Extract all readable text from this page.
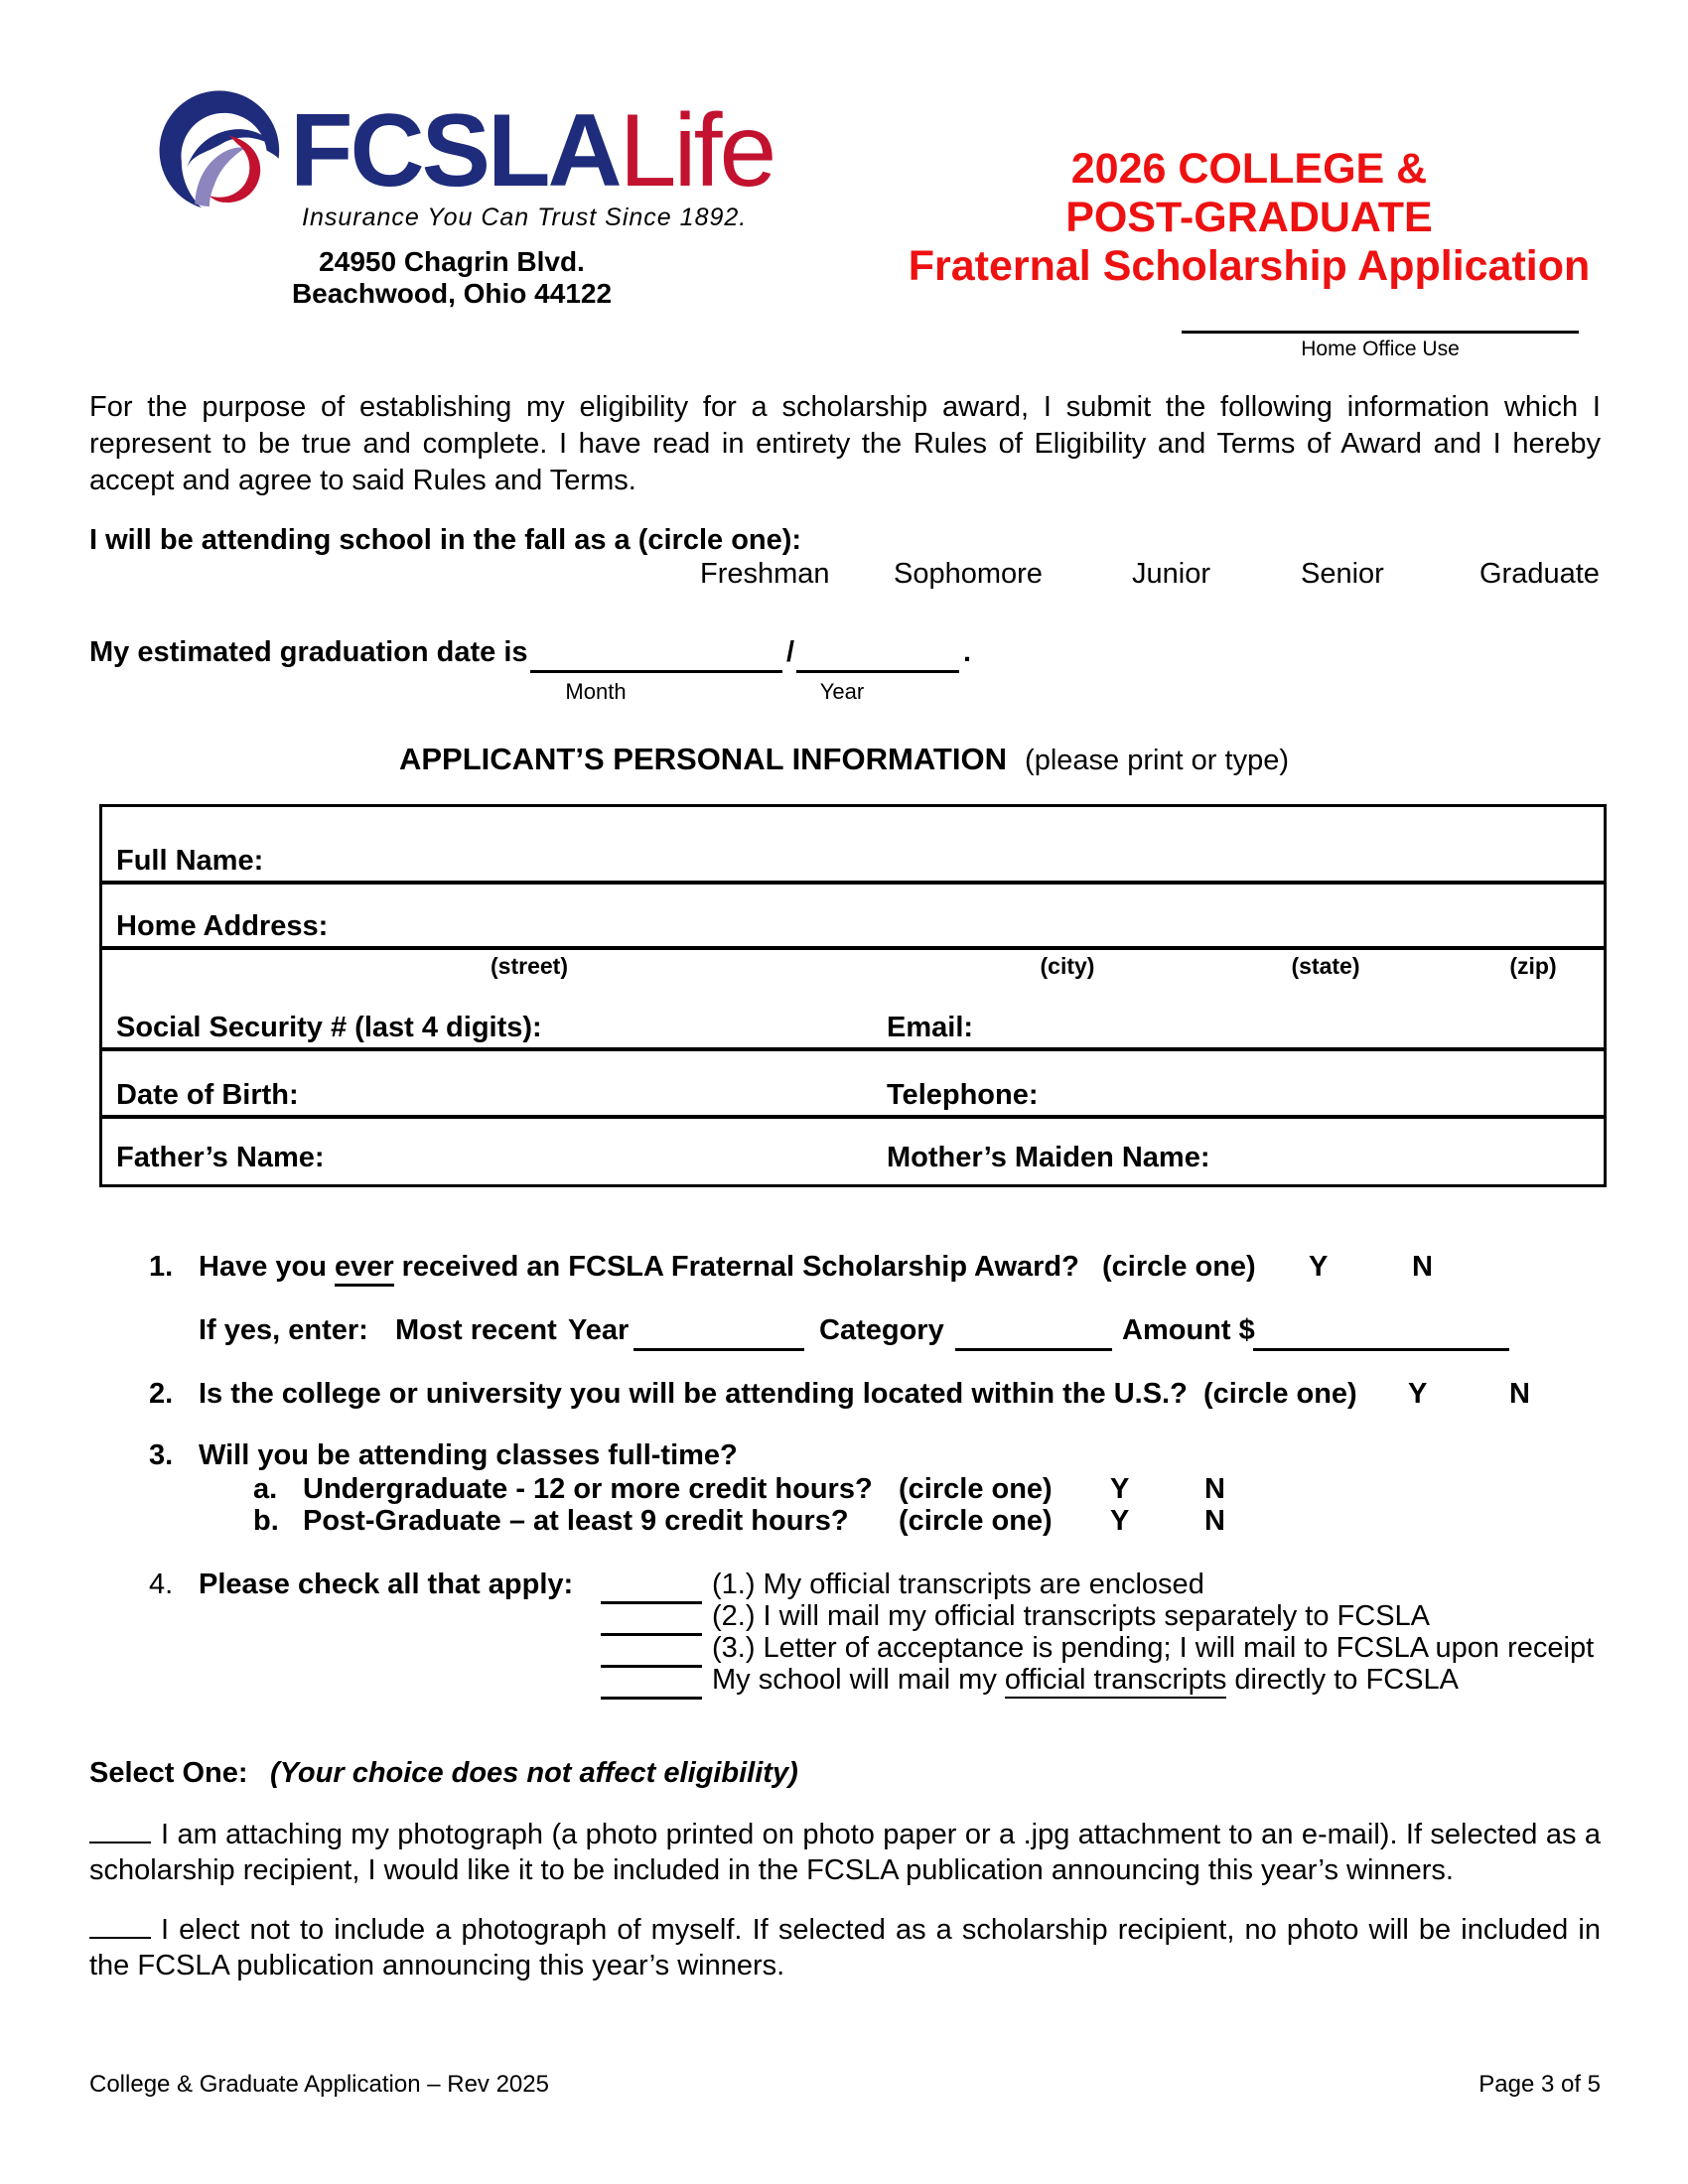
FCSLALife
Insurance You Can Trust Since 1892.
24950 Chagrin Blvd.
Beachwood, Ohio 44122
2026 COLLEGE &
POST-GRADUATE
Fraternal Scholarship Application
Home Office Use
For the purpose of establishing my eligibility for a scholarship award, I submit the following information which I represent to be true and complete. I have read in entirety the Rules of Eligibility and Terms of Award and I hereby accept and agree to said Rules and Terms.
I will be attending school in the fall as a (circle one):
Freshman Sophomore	Junior	Senior	Graduate
My estimated graduation date is	/	.
Month	Year
APPLICANT’S PERSONAL INFORMATION (please print or type)
Full Name:
Home Address:
(street)	(city)	(state)	(zip)
Social Security # (last 4 digits):	Email:
Date of Birth:	Telephone:
Father’s Name:	Mother’s Maiden Name:
1. Have you ever received an FCSLA Fraternal Scholarship Award? (circle one) Y	N
If yes, enter: Most recent Year	Category	Amount $
2. Is the college or university you will be attending located within the U.S.? (circle one) Y	N
3. Will you be attending classes full-time?
a. Undergraduate - 12 or more credit hours? (circle one) Y	N
b. Post-Graduate – at least 9 credit hours? (circle one) Y	N
4. Please check all that apply:	(1.) My official transcripts are enclosed
(2.) I will mail my official transcripts separately to FCSLA
(3.) Letter of acceptance is pending; I will mail to FCSLA upon receipt
My school will mail my official transcripts directly to FCSLA
Select One: (Your choice does not affect eligibility)
I am attaching my photograph (a photo printed on photo paper or a .jpg attachment to an e-mail). If selected as a scholarship recipient, I would like it to be included in the FCSLA publication announcing this year’s winners.
I elect not to include a photograph of myself. If selected as a scholarship recipient, no photo will be included in the FCSLA publication announcing this year’s winners.
College & Graduate Application – Rev 2025	Page 3 of 5
